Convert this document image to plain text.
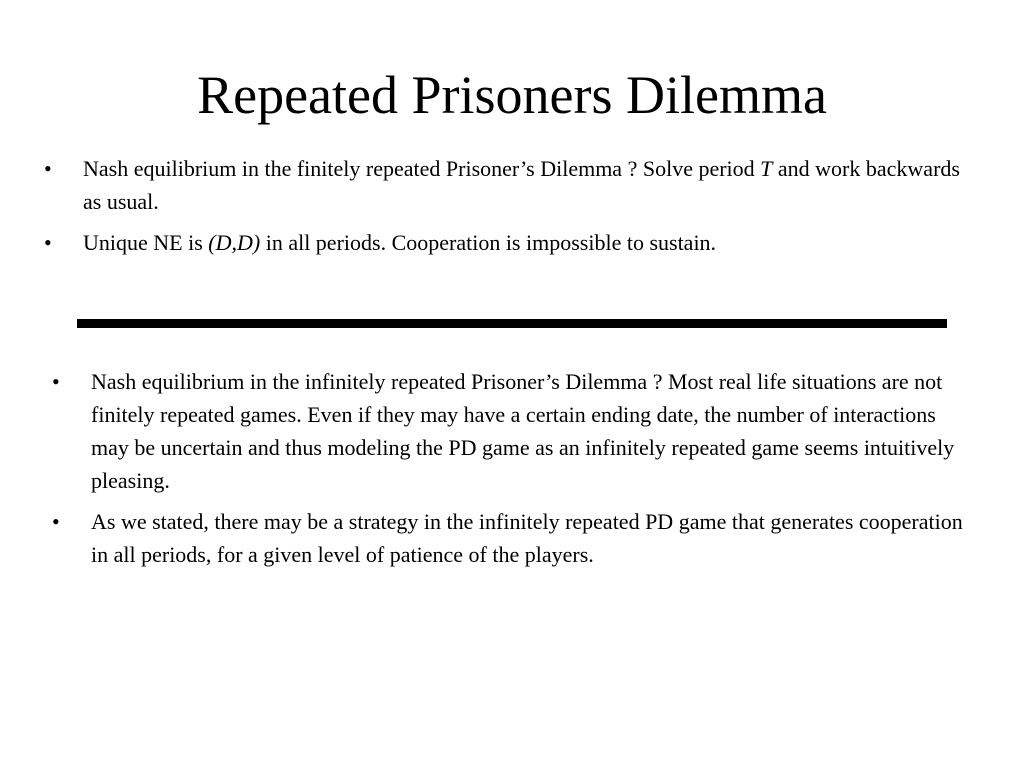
Repeated Prisoners Dilemma
• Nash equilibrium in the finitely repeated Prisoner’s Dilemma ? Solve period T and work backwards as usual.
• Unique NE is (D,D) in all periods. Cooperation is impossible to sustain.
• Nash equilibrium in the infinitely repeated Prisoner’s Dilemma ? Most real life situations are not finitely repeated games. Even if they may have a certain ending date, the number of interactions may be uncertain and thus modeling the PD game as an infinitely repeated game seems intuitively pleasing.
• As we stated, there may be a strategy in the infinitely repeated PD game that generates cooperation in all periods, for a given level of patience of the players.
